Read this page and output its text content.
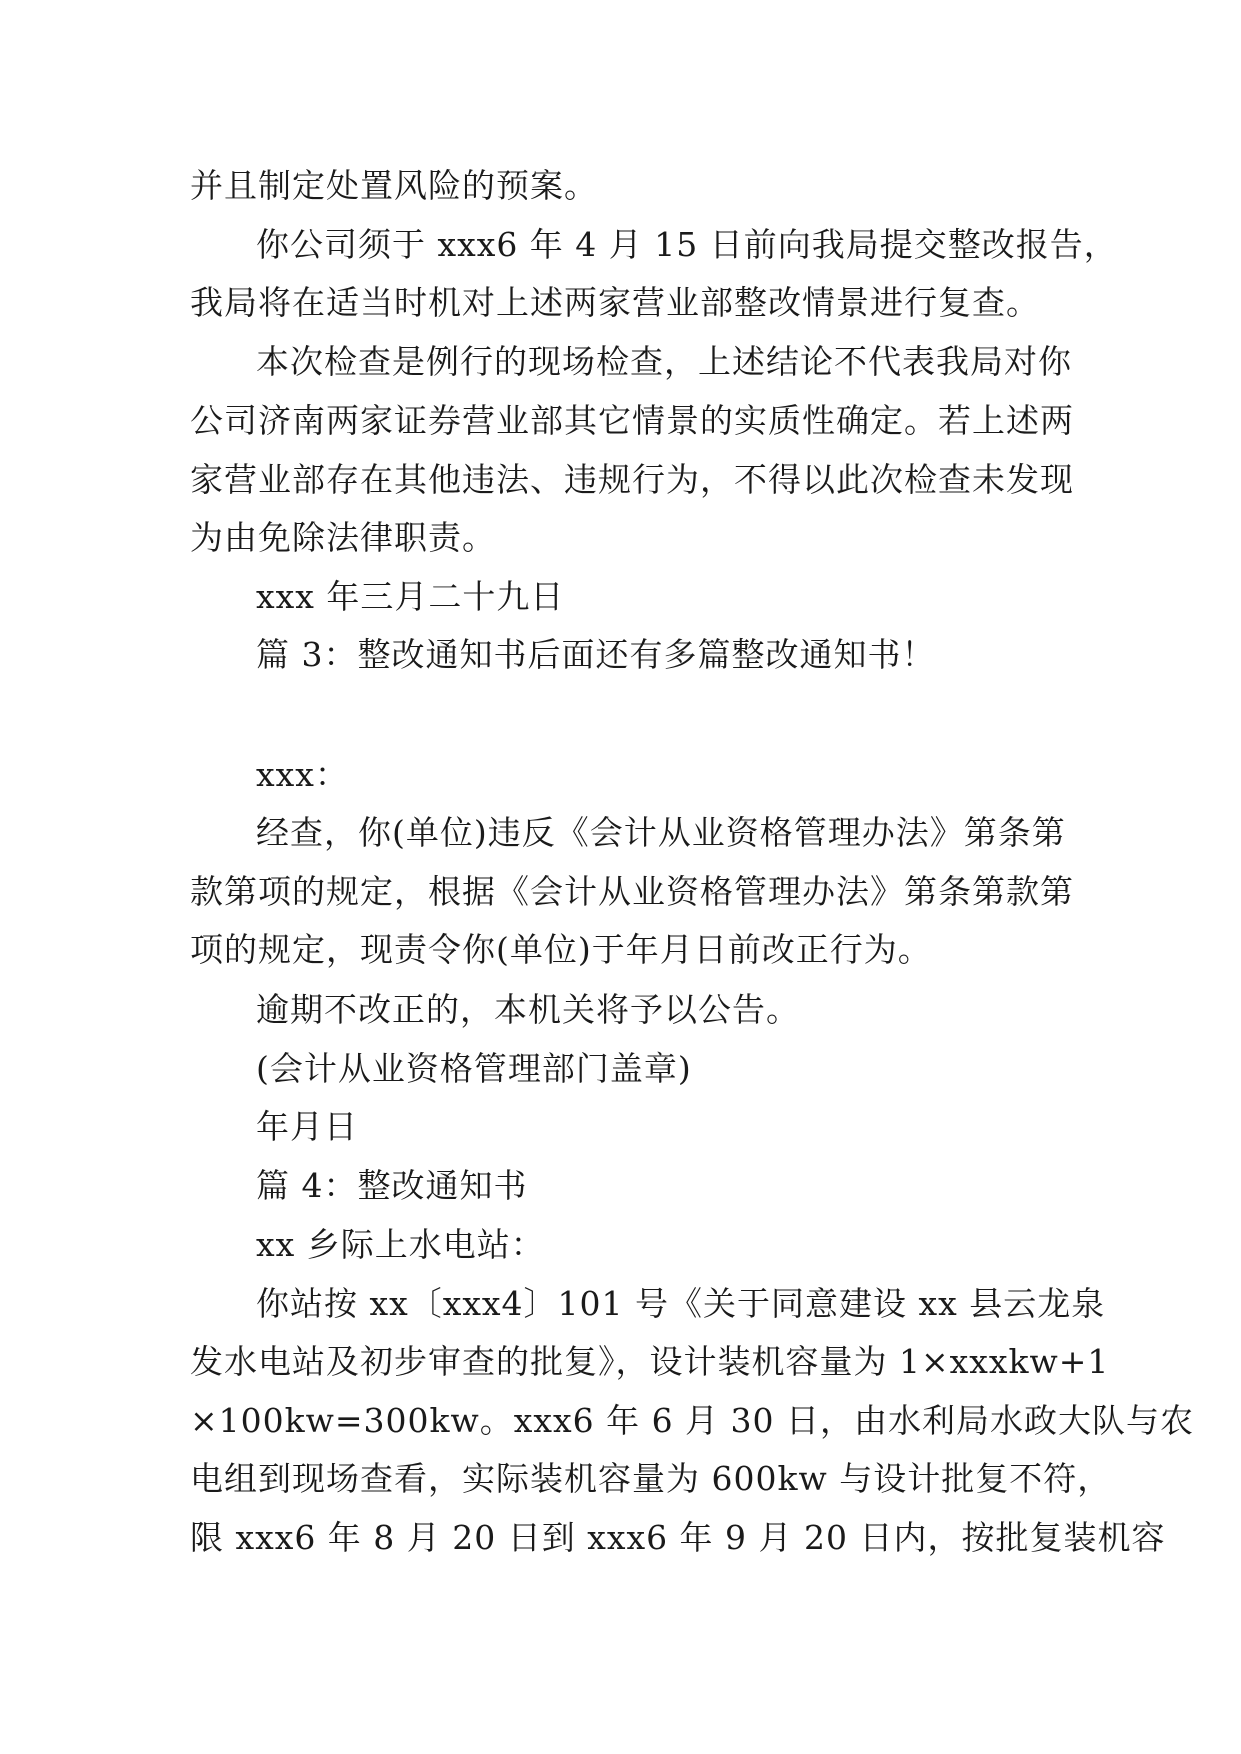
并且制定处置风险的预案。
你公司须于 xxx6 年 4 月 15 日前向我局提交整改报告，
我局将在适当时机对上述两家营业部整改情景进行复查。
本次检查是例行的现场检查，上述结论不代表我局对你
公司济南两家证券营业部其它情景的实质性确定。若上述两
家营业部存在其他违法、违规行为，不得以此次检查未发现
为由免除法律职责。
xxx 年三月二十九日
篇 3：整改通知书后面还有多篇整改通知书！
xxx：
经查，你(单位)违反《会计从业资格管理办法》第条第
款第项的规定，根据《会计从业资格管理办法》第条第款第
项的规定，现责令你(单位)于年月日前改正行为。
逾期不改正的，本机关将予以公告。
(会计从业资格管理部门盖章)
年月日
篇 4：整改通知书
xx 乡际上水电站：
你站按 xx〔xxx4〕101 号《关于同意建设 xx 县云龙泉
发水电站及初步审查的批复》，设计装机容量为 1×xxxkw+1
×100kw=300kw。xxx6 年 6 月 30 日，由水利局水政大队与农
电组到现场查看，实际装机容量为 600kw 与设计批复不符，
限 xxx6 年 8 月 20 日到 xxx6 年 9 月 20 日内，按批复装机容
